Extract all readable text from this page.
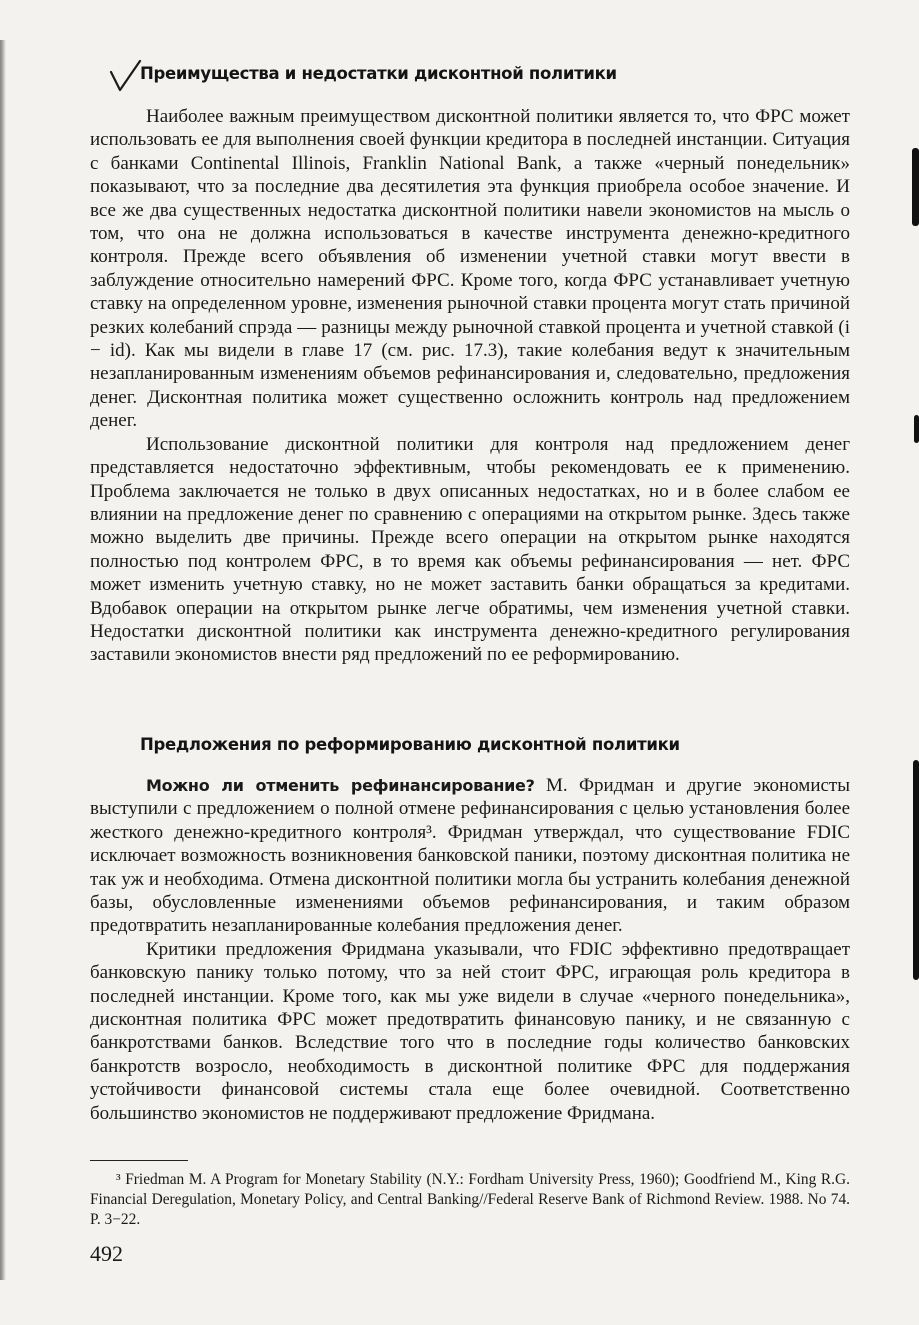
Преимущества и недостатки дисконтной политики

Наиболее важным преимуществом дисконтной политики является то, что ФРС может использовать ее для выполнения своей функции кредитора в последней инстанции. Ситуация с банками Continental Illinois, Franklin National Bank, а также «черный понедельник» показывают, что за последние два десятилетия эта функция приобрела особое значение. И все же два существенных недостатка дисконтной политики навели экономистов на мысль о том, что она не должна использоваться в качестве инструмента денежно-кредитного контроля. Прежде всего объявления об изменении учетной ставки могут ввести в заблуждение относительно намерений ФРС. Кроме того, когда ФРС устанавливает учетную ставку на определенном уровне, изменения рыночной ставки процента могут стать причиной резких колебаний спрэда — разницы между рыночной ставкой процента и учетной ставкой (i − id). Как мы видели в главе 17 (см. рис. 17.3), такие колебания ведут к значительным незапланированным изменениям объемов рефинансирования и, следовательно, предложения денег. Дисконтная политика может существенно осложнить контроль над предложением денег.

Использование дисконтной политики для контроля над предложением денег представляется недостаточно эффективным, чтобы рекомендовать ее к применению. Проблема заключается не только в двух описанных недостатках, но и в более слабом ее влиянии на предложение денег по сравнению с операциями на открытом рынке. Здесь также можно выделить две причины. Прежде всего операции на открытом рынке находятся полностью под контролем ФРС, в то время как объемы рефинансирования — нет. ФРС может изменить учетную ставку, но не может заставить банки обращаться за кредитами. Вдобавок операции на открытом рынке легче обратимы, чем изменения учетной ставки. Недостатки дисконтной политики как инструмента денежно-кредитного регулирования заставили экономистов внести ряд предложений по ее реформированию.

Предложения по реформированию дисконтной политики

Можно ли отменить рефинансирование? М. Фридман и другие экономисты выступили с предложением о полной отмене рефинансирования с целью установления более жесткого денежно-кредитного контроля³. Фридман утверждал, что существование FDIC исключает возможность возникновения банковской паники, поэтому дисконтная политика не так уж и необходима. Отмена дисконтной политики могла бы устранить колебания денежной базы, обусловленные изменениями объемов рефинансирования, и таким образом предотвратить незапланированные колебания предложения денег.

Критики предложения Фридмана указывали, что FDIC эффективно предотвращает банковскую панику только потому, что за ней стоит ФРС, играющая роль кредитора в последней инстанции. Кроме того, как мы уже видели в случае «черного понедельника», дисконтная политика ФРС может предотвратить финансовую панику, и не связанную с банкротствами банков. Вследствие того что в последние годы количество банковских банкротств возросло, необходимость в дисконтной политике ФРС для поддержания устойчивости финансовой системы стала еще более очевидной. Соответственно большинство экономистов не поддерживают предложение Фридмана.

³ Friedman M. A Program for Monetary Stability (N.Y.: Fordham University Press, 1960); Goodfriend M., King R.G. Financial Deregulation, Monetary Policy, and Central Banking//Federal Reserve Bank of Richmond Review. 1988. No 74. P. 3−22.

492
